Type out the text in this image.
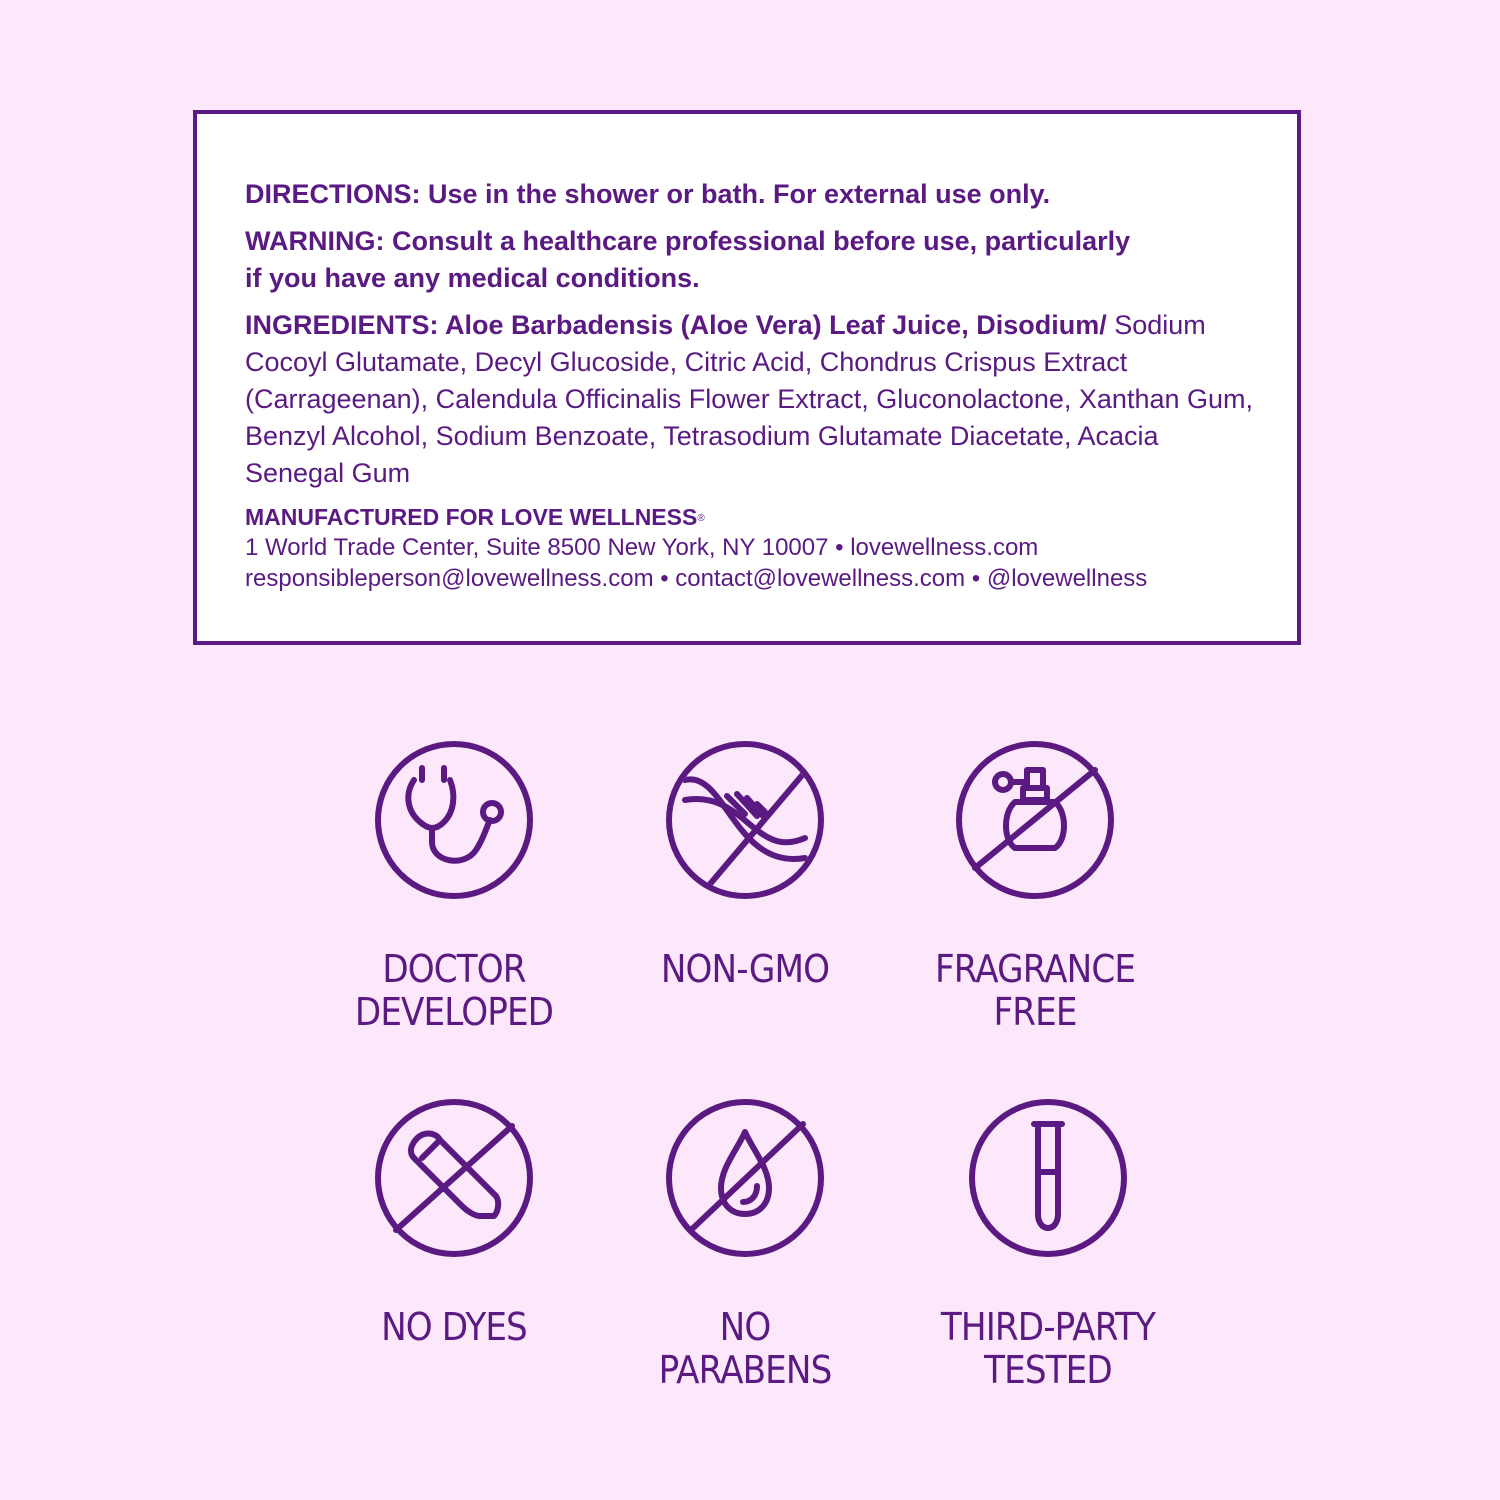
DIRECTIONS: Use in the shower or bath. For external use only.

WARNING: Consult a healthcare professional before use, particularly if you have any medical conditions.

INGREDIENTS: Aloe Barbadensis (Aloe Vera) Leaf Juice, Disodium/ Sodium Cocoyl Glutamate, Decyl Glucoside, Citric Acid, Chondrus Crispus Extract (Carrageenan), Calendula Officinalis Flower Extract, Gluconolactone, Xanthan Gum, Benzyl Alcohol, Sodium Benzoate, Tetrasodium Glutamate Diacetate, Acacia Senegal Gum

MANUFACTURED FOR LOVE WELLNESS®
1 World Trade Center, Suite 8500 New York, NY 10007 • lovewellness.com
responsibleperson@lovewellness.com • contact@lovewellness.com • @lovewellness
DOCTOR
DEVELOPED
NON-GMO	FRAGRANCE
FREE
NO DYES	NO
PARABENS
THIRD-PARTY
TESTED
